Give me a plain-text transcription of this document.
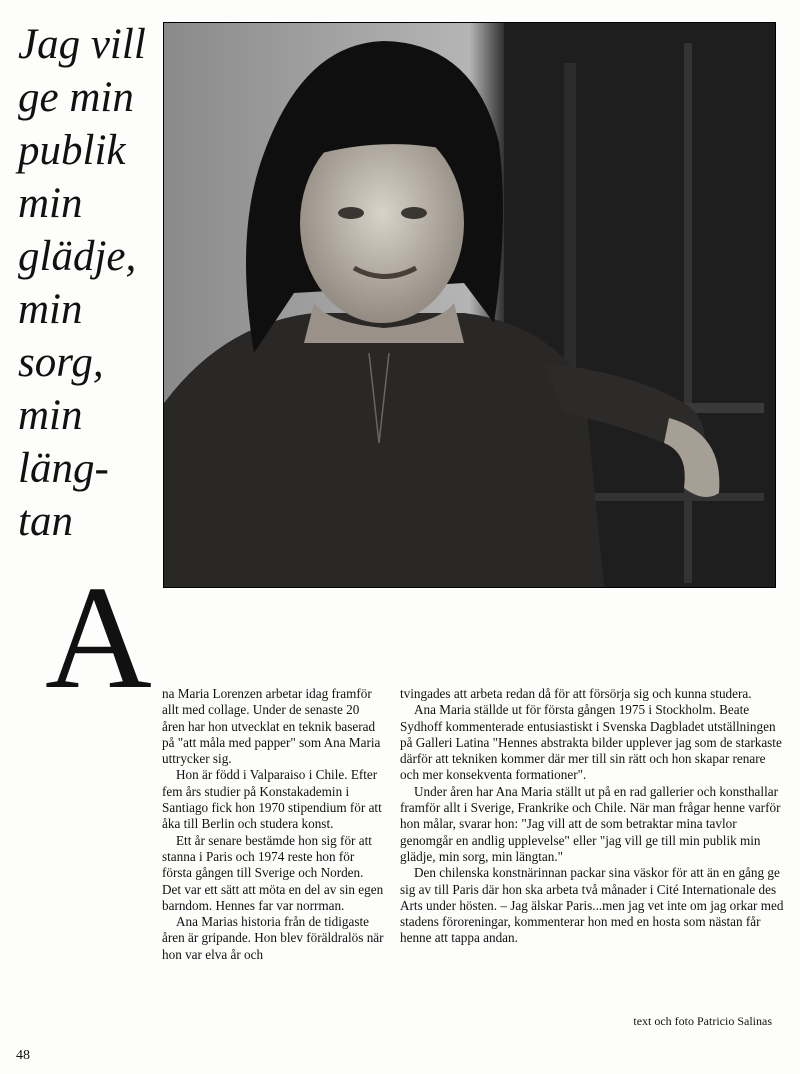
Jag vill
ge min
publik
min
glädje,
min
sorg,
min
läng-
tan
A na Maria Lorenzen arbetar idag framför allt med collage. Under de senaste 20 åren har hon utvecklat en teknik baserad på "att måla med papper" som Ana Maria uttrycker sig.

Hon är född i Valparaiso i Chile. Efter fem års studier på Konstakademin i Santiago fick hon 1970 stipendium för att åka till Berlin och studera konst.

Ett år senare bestämde hon sig för att stanna i Paris och 1974 reste hon för första gången till Sverige och Norden. Det var ett sätt att möta en del av sin egen barndom. Hennes far var norrman.

Ana Marias historia från de tidigaste åren är gripande. Hon blev föräldralös när hon var elva år och

tvingades att arbeta redan då för att försörja sig och kunna studera.

Ana Maria ställde ut för första gången 1975 i Stockholm. Beate Sydhoff kommenterade entusiastiskt i Svenska Dagbladet utställningen på Galleri Latina "Hennes abstrakta bilder upplever jag som de starkaste därför att tekniken kommer där mer till sin rätt och hon skapar renare och mer konsekventa formationer".

Under åren har Ana Maria ställt ut på en rad gallerier och konsthallar framför allt i Sverige, Frankrike och Chile. När man frågar henne varför hon målar, svarar hon: "Jag vill att de som betraktar mina tavlor genomgår en andlig upplevelse" eller "jag vill ge till min publik min glädje, min sorg, min längtan."

Den chilenska konstnärinnan packar sina väskor för att än en gång ge sig av till Paris där hon ska arbeta två månader i Cité Internationale des Arts under hösten. – Jag älskar Paris...men jag vet inte om jag orkar med stadens föroreningar, kommenterar hon med en hosta som nästan får henne att tappa andan.

text och foto Patricio Salinas
48
